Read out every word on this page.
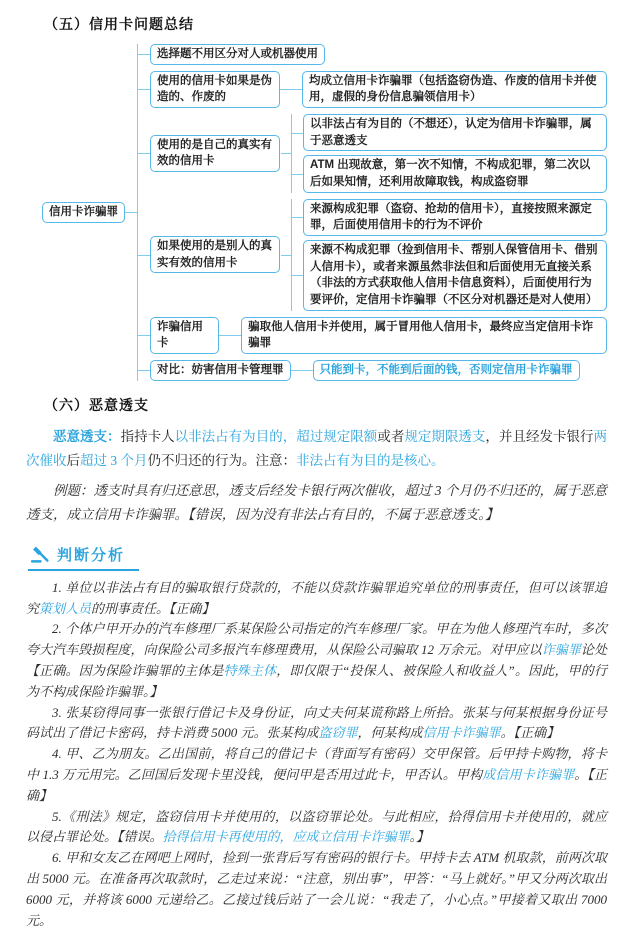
（五）信用卡问题总结
信用卡诈骗罪
选择题不用区分对人或机器使用
使用的信用卡如果是伪造的、作废的
均成立信用卡诈骗罪（包括盗窃伪造、作废的信用卡并使用，虚假的身份信息骗领信用卡）
使用的是自己的真实有效的信用卡
以非法占有为目的（不想还），认定为信用卡诈骗罪，属于恶意透支
ATM 出现故意，第一次不知情，不构成犯罪，第二次以后如果知情，还利用故障取钱，构成盗窃罪
如果使用的是别人的真实有效的信用卡
来源构成犯罪（盗窃、抢劫的信用卡），直接按照来源定罪，后面使用信用卡的行为不评价
来源不构成犯罪（捡到信用卡、帮别人保管信用卡、借别人信用卡），或者来源虽然非法但和后面使用无直接关系（非法的方式获取他人信用卡信息资料），后面使用行为要评价，定信用卡诈骗罪（不区分对机器还是对人使用）
诈骗信用卡
骗取他人信用卡并使用，属于冒用他人信用卡，最终应当定信用卡诈骗罪
对比：妨害信用卡管理罪	只能到卡，不能到后面的钱，否则定信用卡诈骗罪
（六）恶意透支

恶意透支：指持卡人以非法占有为目的，超过规定限额或者规定期限透支，并且经发卡银行两次催收后超过 3 个月仍不归还的行为。注意：非法占有为目的是核心。

例题：透支时具有归还意思，透支后经发卡银行两次催收，超过 3 个月仍不归还的，属于恶意透支，成立信用卡诈骗罪。【错误，因为没有非法占有目的，不属于恶意透支。】

判断分析

1. 单位以非法占有目的骗取银行贷款的，不能以贷款诈骗罪追究单位的刑事责任，但可以该罪追究策划人员的刑事责任。【正确】

2. 个体户甲开办的汽车修理厂系某保险公司指定的汽车修理厂家。甲在为他人修理汽车时，多次夸大汽车毁损程度，向保险公司多报汽车修理费用，从保险公司骗取 12 万余元。对甲应以诈骗罪论处【正确。因为保险诈骗罪的主体是特殊主体，即仅限于“投保人、被保险人和收益人”。因此，甲的行为不构成保险诈骗罪。】

3. 张某窃得同事一张银行借记卡及身份证，向丈夫何某谎称路上所拾。张某与何某根据身份证号码试出了借记卡密码，持卡消费 5000 元。张某构成盗窃罪，何某构成信用卡诈骗罪。【正确】

4. 甲、乙为朋友。乙出国前，将自己的借记卡（背面写有密码）交甲保管。后甲持卡购物，将卡中 1.3 万元用完。乙回国后发现卡里没钱，便问甲是否用过此卡，甲否认。甲构成信用卡诈骗罪。【正确】

5.《刑法》规定，盗窃信用卡并使用的，以盗窃罪论处。与此相应，拾得信用卡并使用的，就应以侵占罪论处。【错误。拾得信用卡再使用的，应成立信用卡诈骗罪。】

6. 甲和女友乙在网吧上网时，捡到一张背后写有密码的银行卡。甲持卡去 ATM 机取款，前两次取出 5000 元。在准备再次取款时，乙走过来说：“注意，别出事”，甲答：“马上就好。”甲又分两次取出 6000 元，并将该 6000 元递给乙。乙接过钱后站了一会儿说：“我走了，小心点。”甲接着又取出 7000 元。
